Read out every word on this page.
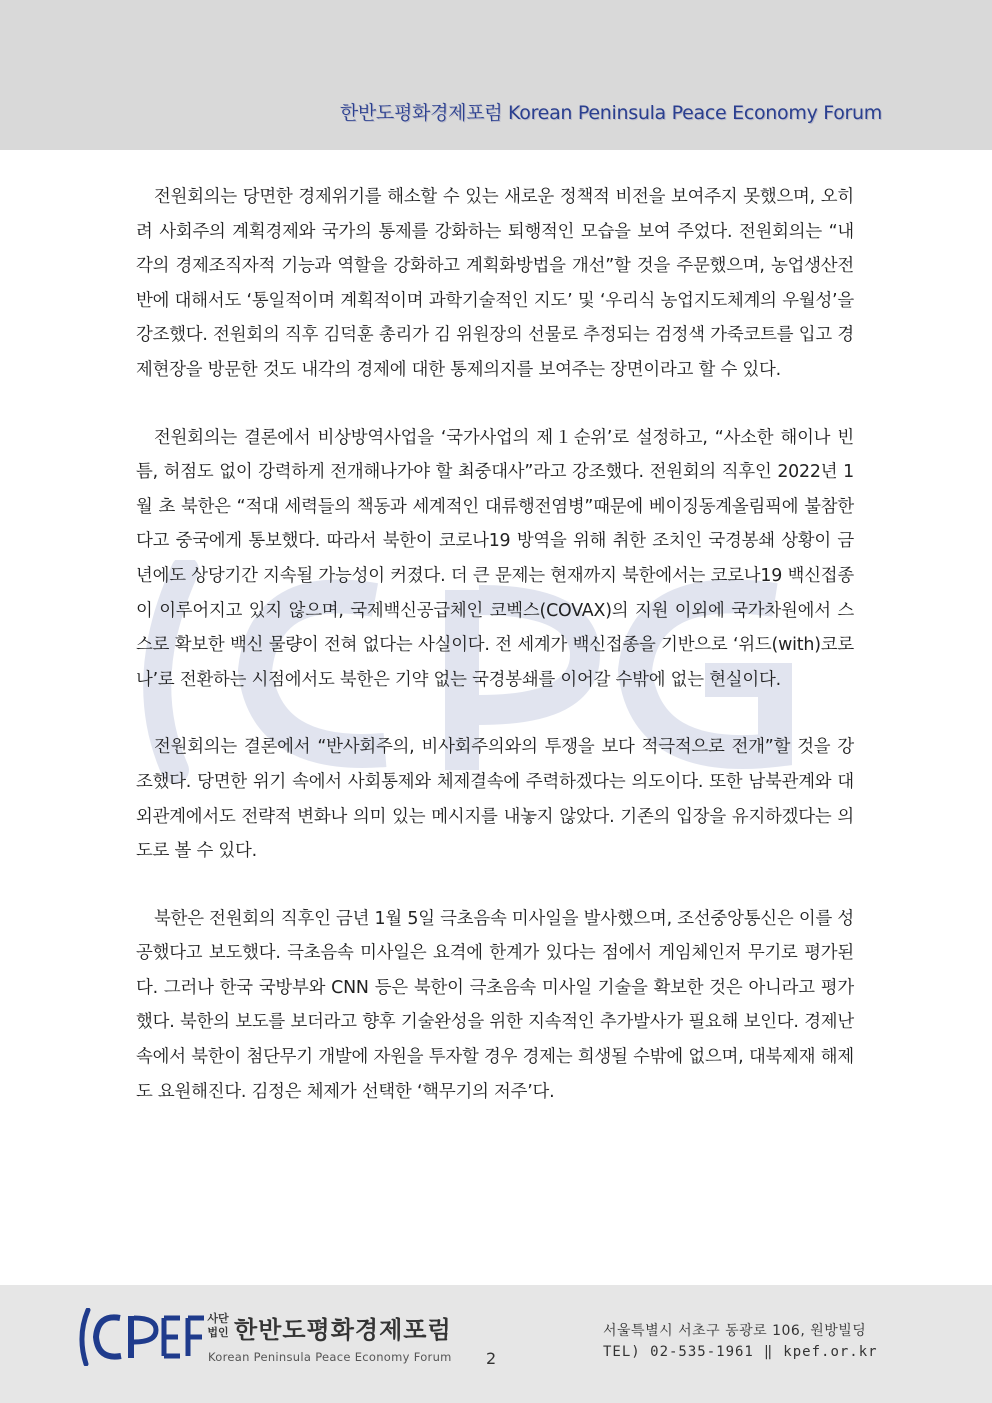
한반도평화경제포럼 Korean Peninsula Peace Economy Forum

전원회의는 당면한 경제위기를 해소할 수 있는 새로운 정책적 비전을 보여주지 못했으며, 오히려 사회주의 계획경제와 국가의 통제를 강화하는 퇴행적인 모습을 보여 주었다. 전원회의는 “내각의 경제조직자적 기능과 역할을 강화하고 계획화방법을 개선”할 것을 주문했으며, 농업생산전반에 대해서도 ‘통일적이며 계획적이며 과학기술적인 지도’ 및 ‘우리식 농업지도체계의 우월성’을 강조했다. 전원회의 직후 김덕훈 총리가 김 위원장의 선물로 추정되는 검정색 가죽코트를 입고 경제현장을 방문한 것도 내각의 경제에 대한 통제의지를 보여주는 장면이라고 할 수 있다.

전원회의는 결론에서 비상방역사업을 ‘국가사업의 제１순위’로 설정하고, “사소한 해이나 빈틈, 허점도 없이 강력하게 전개해나가야 할 최중대사”라고 강조했다. 전원회의 직후인 2022년 1월 초 북한은 “적대 세력들의 책동과 세계적인 대류행전염병”때문에 베이징동계올림픽에 불참한다고 중국에게 통보했다. 따라서 북한이 코로나19 방역을 위해 취한 조치인 국경봉쇄 상황이 금년에도 상당기간 지속될 가능성이 커졌다. 더 큰 문제는 현재까지 북한에서는 코로나19 백신접종이 이루어지고 있지 않으며, 국제백신공급체인 코벡스(COVAX)의 지원 이외에 국가차원에서 스스로 확보한 백신 물량이 전혀 없다는 사실이다. 전 세계가 백신접종을 기반으로 ‘위드(with)코로나’로 전환하는 시점에서도 북한은 기약 없는 국경봉쇄를 이어갈 수밖에 없는 현실이다.

전원회의는 결론에서 “반사회주의, 비사회주의와의 투쟁을 보다 적극적으로 전개”할 것을 강조했다. 당면한 위기 속에서 사회통제와 체제결속에 주력하겠다는 의도이다. 또한 남북관계와 대외관계에서도 전략적 변화나 의미 있는 메시지를 내놓지 않았다. 기존의 입장을 유지하겠다는 의도로 볼 수 있다.

북한은 전원회의 직후인 금년 1월 5일 극초음속 미사일을 발사했으며, 조선중앙통신은 이를 성공했다고 보도했다. 극초음속 미사일은 요격에 한계가 있다는 점에서 게임체인저 무기로 평가된다. 그러나 한국 국방부와 CNN 등은 북한이 극초음속 미사일 기술을 확보한 것은 아니라고 평가했다. 북한의 보도를 보더라고 향후 기술완성을 위한 지속적인 추가발사가 필요해 보인다. 경제난 속에서 북한이 첨단무기 개발에 자원을 투자할 경우 경제는 희생될 수밖에 없으며, 대북제재 해제도 요원해진다. 김정은 체제가 선택한 ‘핵무기의 저주’다.

사단법인 한반도평화경제포럼
Korean Peninsula Peace Economy Forum 2
서울특별시 서초구 동광로 106, 원방빌딩
TEL) 02-535-1961 ‖ kpef.or.kr
